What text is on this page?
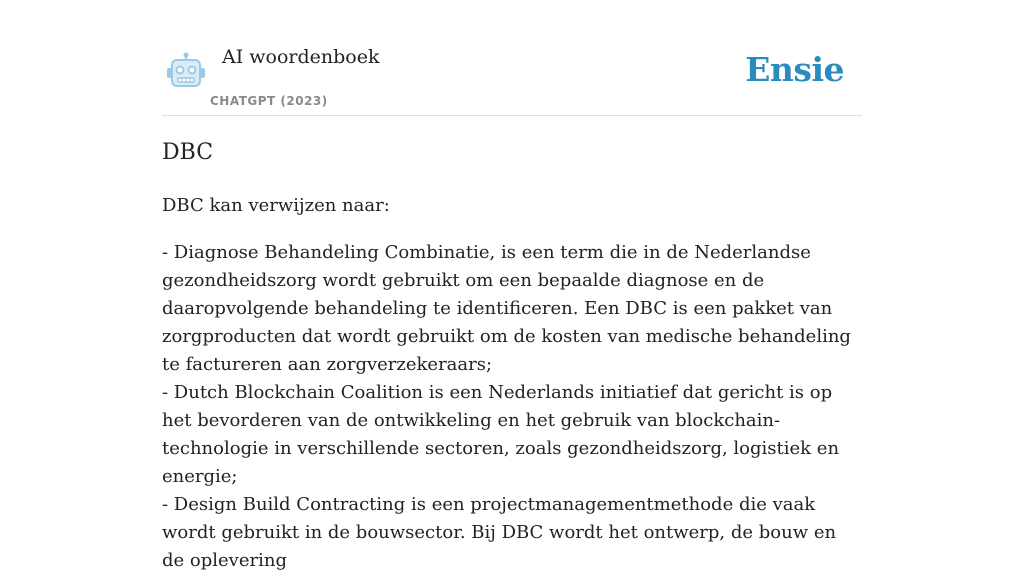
AI woordenboek
CHATGPT (2023)
Ensie
DBC

DBC kan verwijzen naar:

- Diagnose Behandeling Combinatie, is een term die in de Nederlandse gezondheidszorg wordt gebruikt om een bepaalde diagnose en de daaropvolgende behandeling te identificeren. Een DBC is een pakket van zorgproducten dat wordt gebruikt om de kosten van medische behandeling te factureren aan zorgverzekeraars;

- Dutch Blockchain Coalition is een Nederlands initiatief dat gericht is op het bevorderen van de ontwikkeling en het gebruik van blockchain-technologie in verschillende sectoren, zoals gezondheidszorg, logistiek en energie;

- Design Build Contracting is een projectmanagementmethode die vaak wordt gebruikt in de bouwsector. Bij DBC wordt het ontwerp, de bouw en de oplevering
